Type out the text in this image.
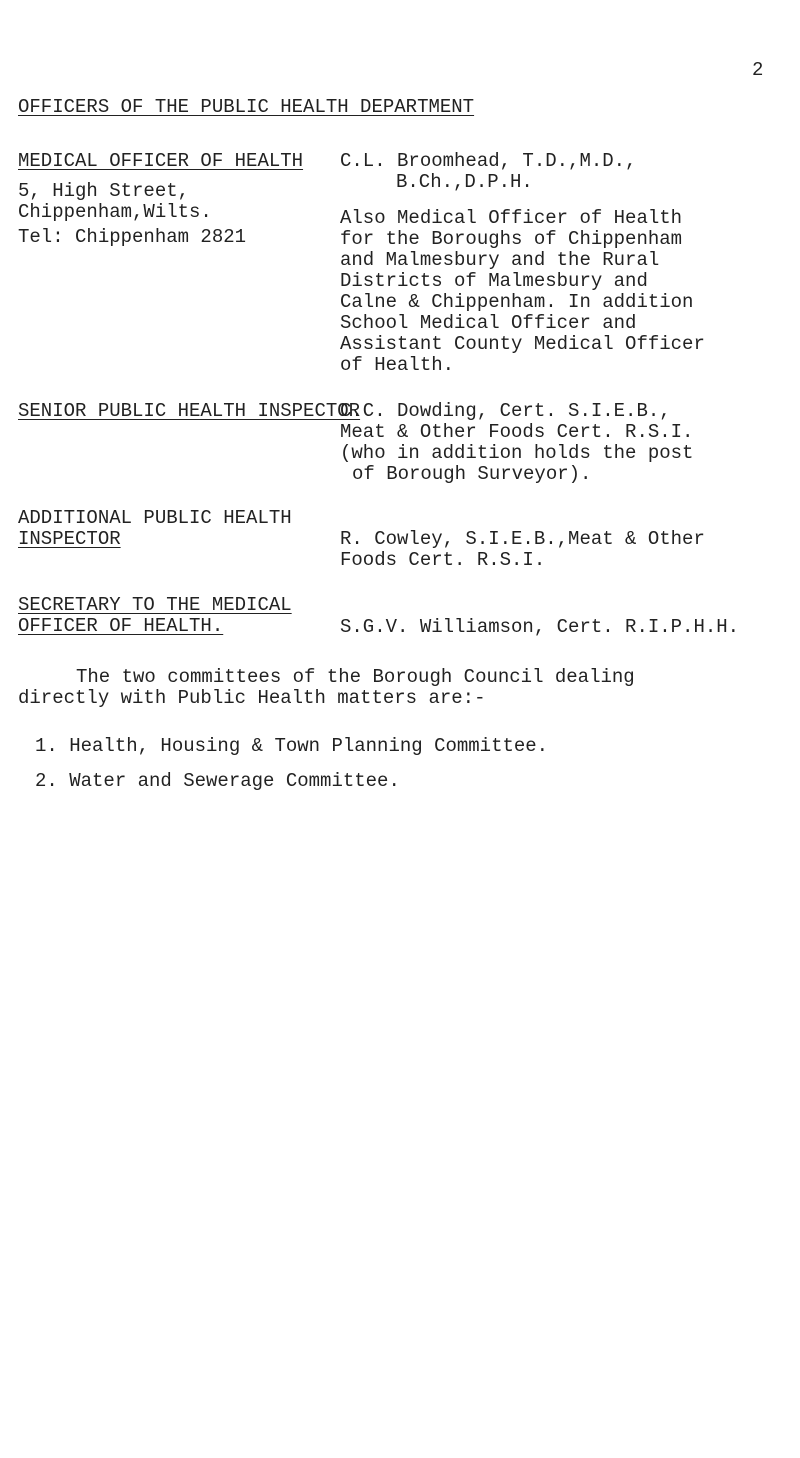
2
OFFICERS OF THE PUBLIC HEALTH DEPARTMENT
MEDICAL OFFICER OF HEALTH
5, High Street,
Chippenham,Wilts.
Tel: Chippenham 2821
C.L. Broomhead, T.D.,M.D.,
B.Ch.,D.P.H.
Also Medical Officer of Health
for the Boroughs of Chippenham
and Malmesbury and the Rural
Districts of Malmesbury and
Calne & Chippenham. In addition
School Medical Officer and
Assistant County Medical Officer
of Health.
SENIOR PUBLIC HEALTH INSPECTOR
C.C. Dowding, Cert. S.I.E.B.,
Meat & Other Foods Cert. R.S.I.
(who in addition holds the post
of Borough Surveyor).
ADDITIONAL PUBLIC HEALTH
INSPECTOR	R. Cowley, S.I.E.B.,Meat & Other
Foods Cert. R.S.I.
SECRETARY TO THE MEDICAL
OFFICER OF HEALTH.	S.G.V. Williamson, Cert. R.I.P.H.H.
The two committees of the Borough Council dealing
directly with Public Health matters are:-
1. Health, Housing & Town Planning Committee.
2. Water and Sewerage Committee.
